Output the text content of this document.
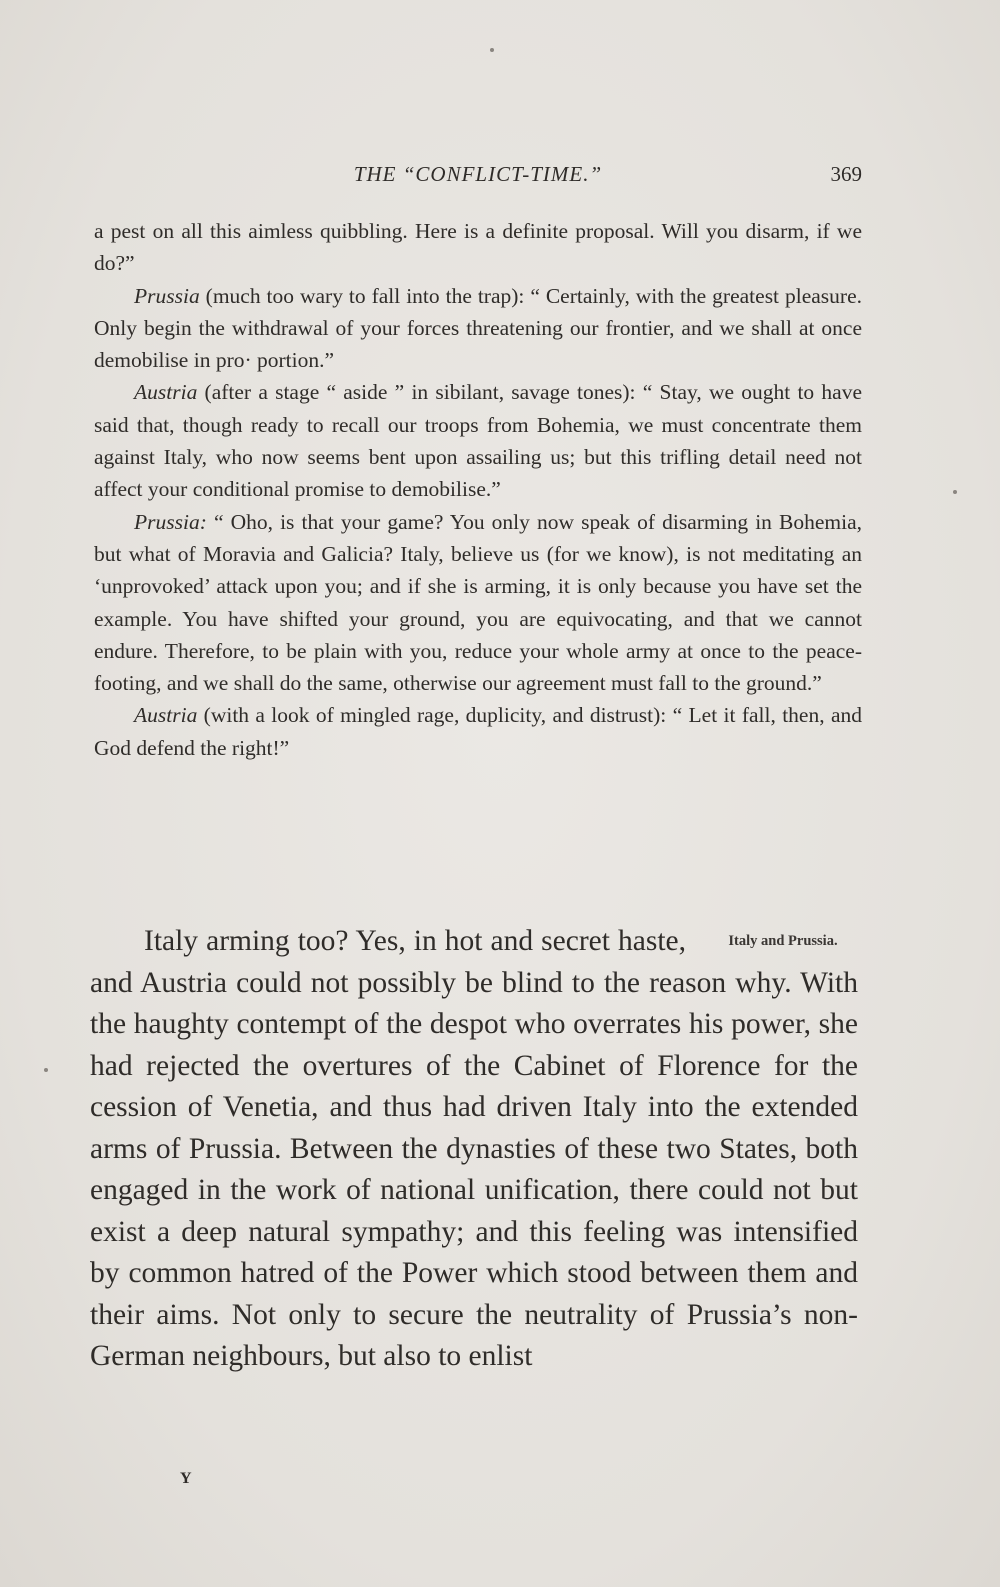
THE “CONFLICT-TIME.”	369

a pest on all this aimless quibbling. Here is a definite proposal. Will you disarm, if we do?”

Prussia (much too wary to fall into the trap): “ Certainly, with the greatest pleasure. Only begin the withdrawal of your forces threatening our frontier, and we shall at once demobilise in pro· portion.”

Austria (after a stage “ aside ” in sibilant, savage tones): “ Stay, we ought to have said that, though ready to recall our troops from Bohemia, we must concentrate them against Italy, who now seems bent upon assailing us; but this trifling detail need not affect your conditional promise to demobilise.”

Prussia: “ Oho, is that your game? You only now speak of disarming in Bohemia, but what of Moravia and Galicia? Italy, believe us (for we know), is not meditating an ‘unprovoked’ attack upon you; and if she is arming, it is only because you have set the example. You have shifted your ground, you are equivocating, and that we cannot endure. Therefore, to be plain with you, reduce your whole army at once to the peace-footing, and we shall do the same, otherwise our agreement must fall to the ground.”

Austria (with a look of mingled rage, duplicity, and distrust): “ Let it fall, then, and God defend the right!”

Italy and Prussia.
Italy arming too? Yes, in hot and secret haste, and Austria could not possibly be blind to the reason why. With the haughty contempt of the despot who overrates his power, she had rejected the overtures of the Cabinet of Florence for the cession of Venetia, and thus had driven Italy into the extended arms of Prussia. Between the dynasties of these two States, both engaged in the work of national unification, there could not but exist a deep natural sympathy; and this feeling was intensified by common hatred of the Power which stood between them and their aims. Not only to secure the neutrality of Prussia’s non-German neighbours, but also to enlist

Y
